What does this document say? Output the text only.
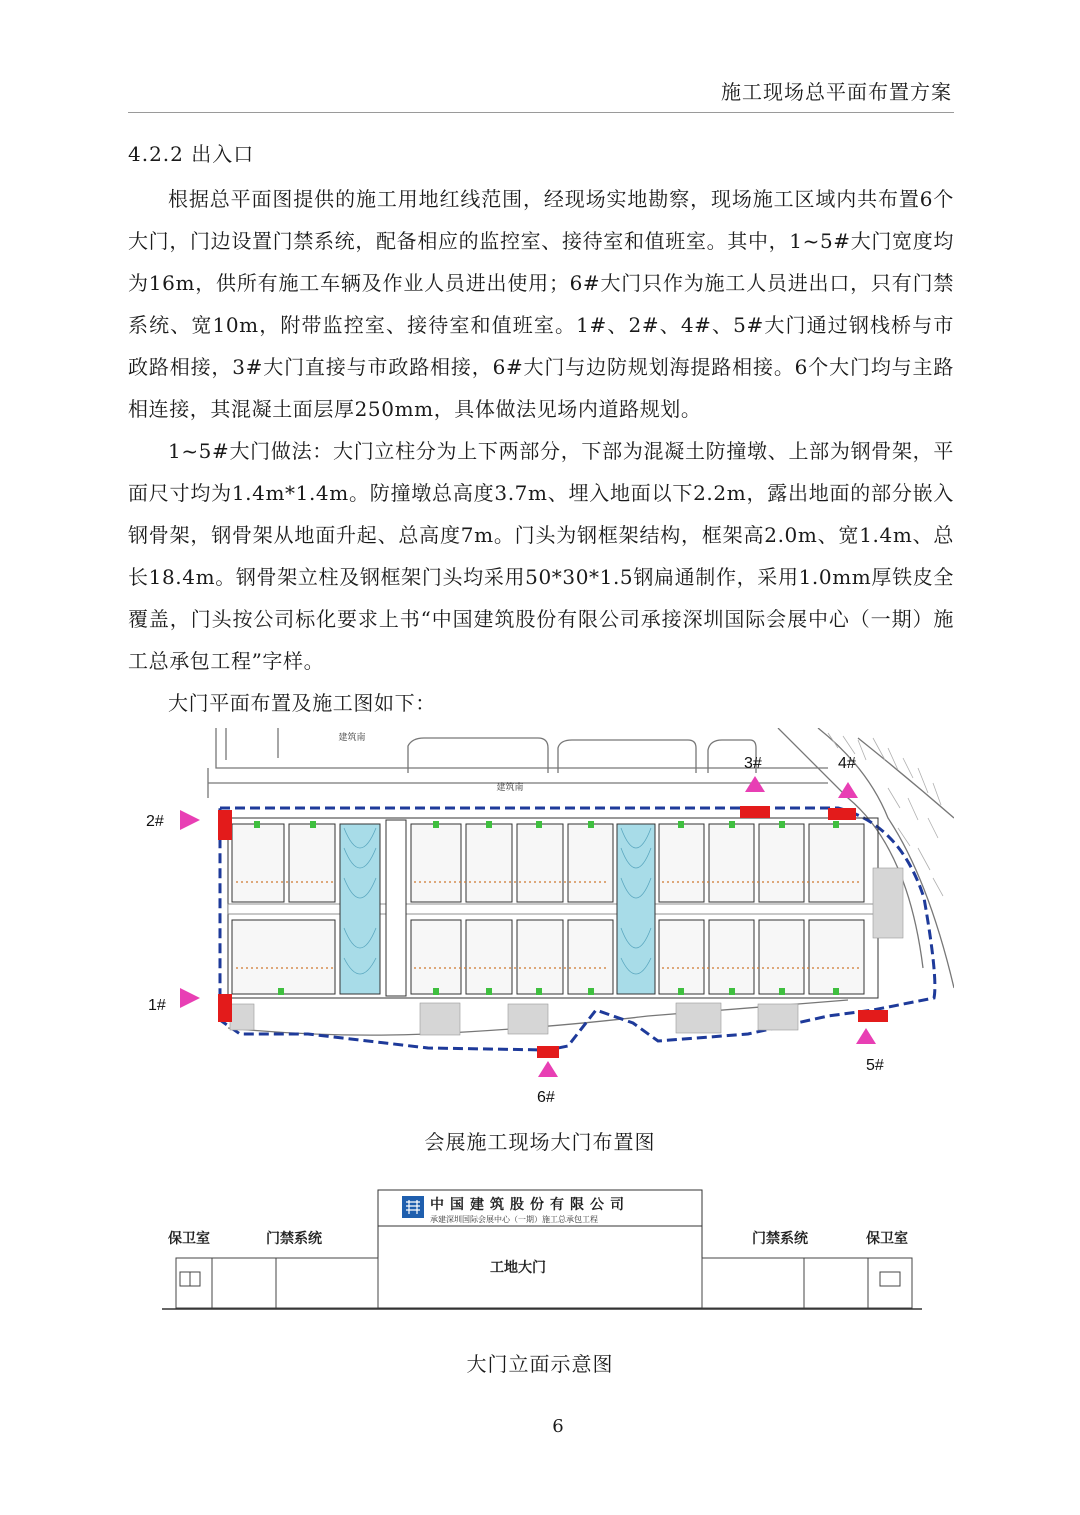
施工现场总平面布置方案
4.2.2 出入口
根据总平面图提供的施工用地红线范围，经现场实地勘察，现场施工区域内共布置6个大门，门边设置门禁系统，配备相应的监控室、接待室和值班室。其中，1~5#大门宽度均为16m，供所有施工车辆及作业人员进出使用；6#大门只作为施工人员进出口，只有门禁系统、宽10m，附带监控室、接待室和值班室。1#、2#、4#、5#大门通过钢栈桥与市政路相接，3#大门直接与市政路相接，6#大门与边防规划海提路相接。6个大门均与主路相连接，其混凝土面层厚250mm，具体做法见场内道路规划。
1~5#大门做法：大门立柱分为上下两部分，下部为混凝土防撞墩、上部为钢骨架，平面尺寸均为1.4m*1.4m。防撞墩总高度3.7m、埋入地面以下2.2m，露出地面的部分嵌入钢骨架，钢骨架从地面升起、总高度7m。门头为钢框架结构，框架高2.0m、宽1.4m、总长18.4m。钢骨架立柱及钢框架门头均采用50*30*1.5钢扁通制作，采用1.0mm厚铁皮全覆盖，门头按公司标化要求上书“中国建筑股份有限公司承接深圳国际会展中心（一期）施工总承包工程”字样。
大门平面布置及施工图如下：
建筑南
建筑南
2#
1#
3#	4#
5#
6#
会展施工现场大门布置图
中国建筑股份有限公司
承建深圳国际会展中心（一期）施工总承包工程
工地大门
保卫室	门禁系统	门禁系统	保卫室
大门立面示意图
6
